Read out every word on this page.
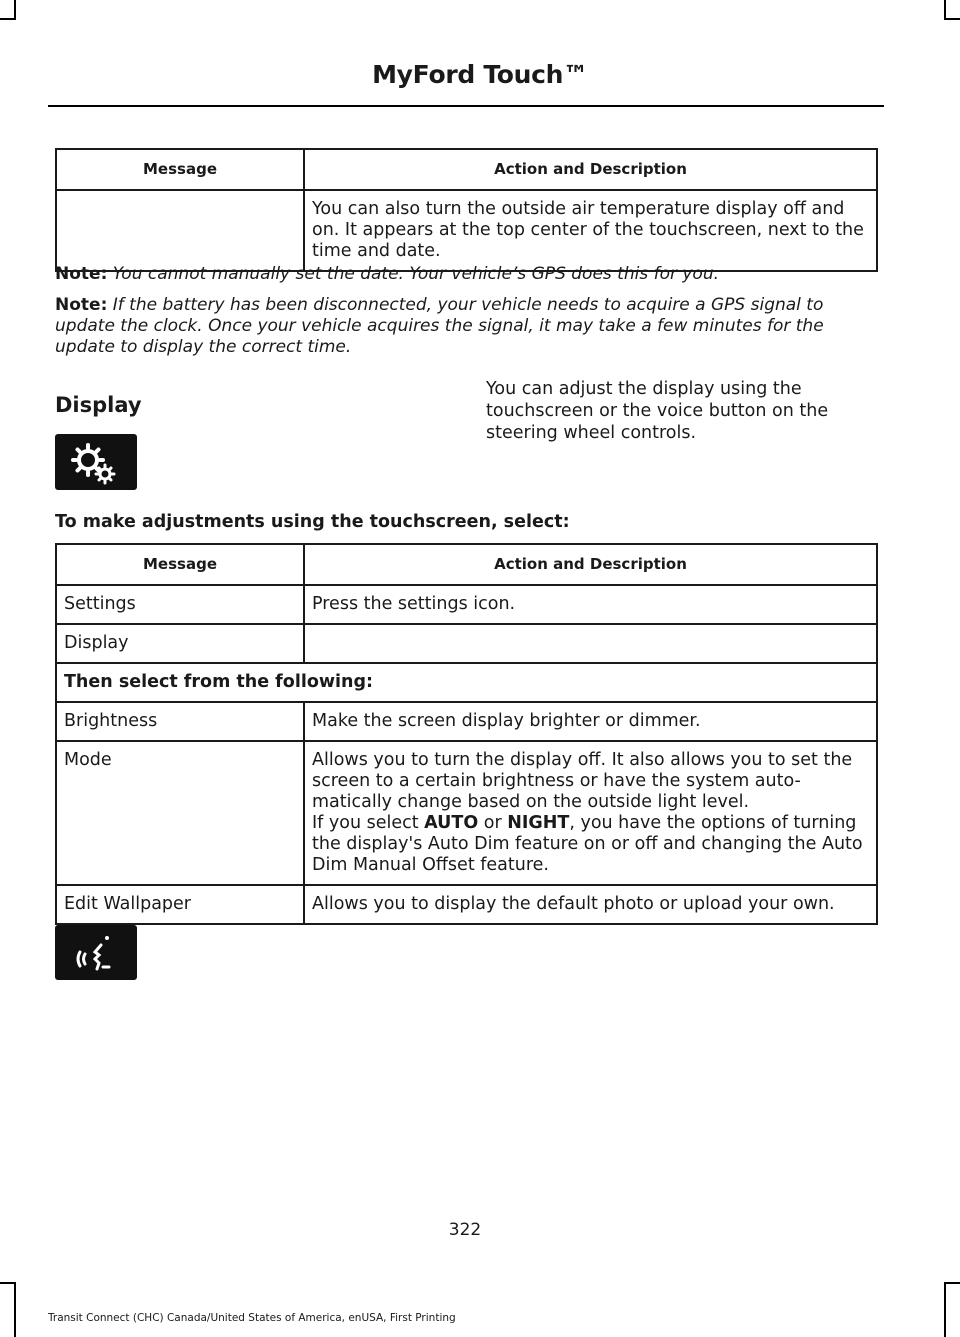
MyFord Touch™
Message	Action and Description
	You can also turn the outside air temperature display off and on. It appears at the top center of the touchscreen, next to the time and date.
Note: You cannot manually set the date. Your vehicle’s GPS does this for you.
Note: If the battery has been disconnected, your vehicle needs to acquire a GPS signal to update the clock. Once your vehicle acquires the signal, it may take a few minutes for the update to display the correct time.
Display
You can adjust the display using the touchscreen or the voice button on the steering wheel controls.
To make adjustments using the touchscreen, select:
Message	Action and Description
Settings	Press the settings icon.
Display	
Then select from the following:	
Brightness	Make the screen display brighter or dimmer.
Mode	Allows you to turn the display off. It also allows you to set the screen to a certain brightness or have the system auto-matically change based on the outside light level.
If you select AUTO or NIGHT, you have the options of turning the display's Auto Dim feature on or off and changing the Auto Dim Manual Offset feature.

Edit Wallpaper	Allows you to display the default photo or upload your own.
322
Transit Connect (CHC) Canada/United States of America, enUSA, First Printing
